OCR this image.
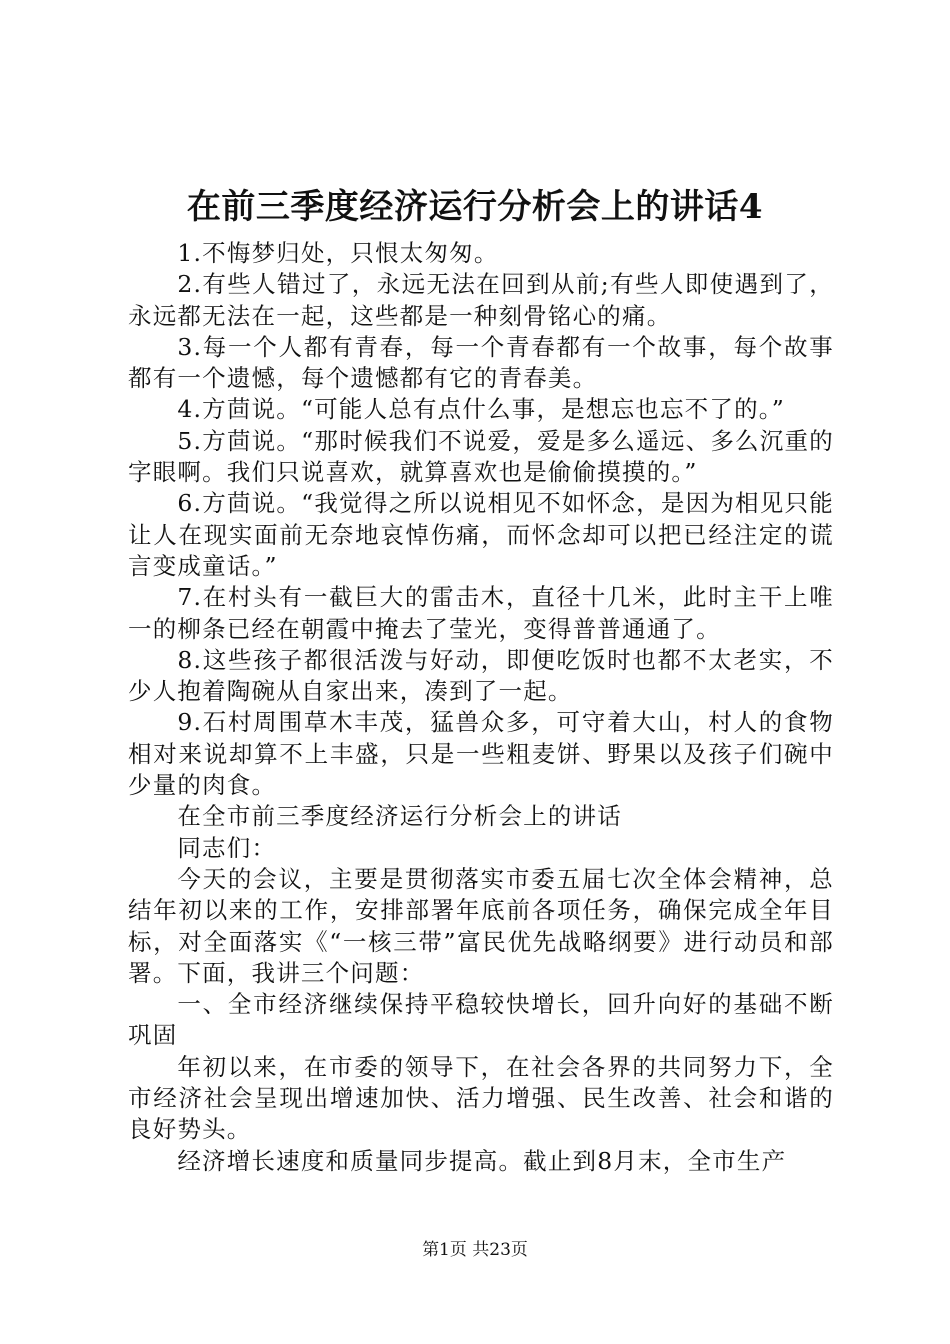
在前三季度经济运行分析会上的讲话4

1.不悔梦归处，只恨太匆匆。

2.有些人错过了，永远无法在回到从前;有些人即使遇到了，永远都无法在一起，这些都是一种刻骨铭心的痛。

3.每一个人都有青春，每一个青春都有一个故事，每个故事都有一个遗憾，每个遗憾都有它的青春美。

4.方茴说。“可能人总有点什么事，是想忘也忘不了的。”

5.方茴说。“那时候我们不说爱，爱是多么遥远、多么沉重的字眼啊。我们只说喜欢，就算喜欢也是偷偷摸摸的。”

6.方茴说。“我觉得之所以说相见不如怀念，是因为相见只能让人在现实面前无奈地哀悼伤痛，而怀念却可以把已经注定的谎言变成童话。”

7.在村头有一截巨大的雷击木，直径十几米，此时主干上唯一的柳条已经在朝霞中掩去了莹光，变得普普通通了。

8.这些孩子都很活泼与好动，即便吃饭时也都不太老实，不少人抱着陶碗从自家出来，凑到了一起。

9.石村周围草木丰茂，猛兽众多，可守着大山，村人的食物相对来说却算不上丰盛，只是一些粗麦饼、野果以及孩子们碗中少量的肉食。

在全市前三季度经济运行分析会上的讲话

同志们：

今天的会议，主要是贯彻落实市委五届七次全体会精神，总结年初以来的工作，安排部署年底前各项任务，确保完成全年目标，对全面落实《“一核三带”富民优先战略纲要》进行动员和部署。下面，我讲三个问题：

一、全市经济继续保持平稳较快增长，回升向好的基础不断巩固

年初以来，在市委的领导下，在社会各界的共同努力下，全市经济社会呈现出增速加快、活力增强、民生改善、社会和谐的良好势头。

经济增长速度和质量同步提高。截止到8月末，全市生产

第1页 共23页
